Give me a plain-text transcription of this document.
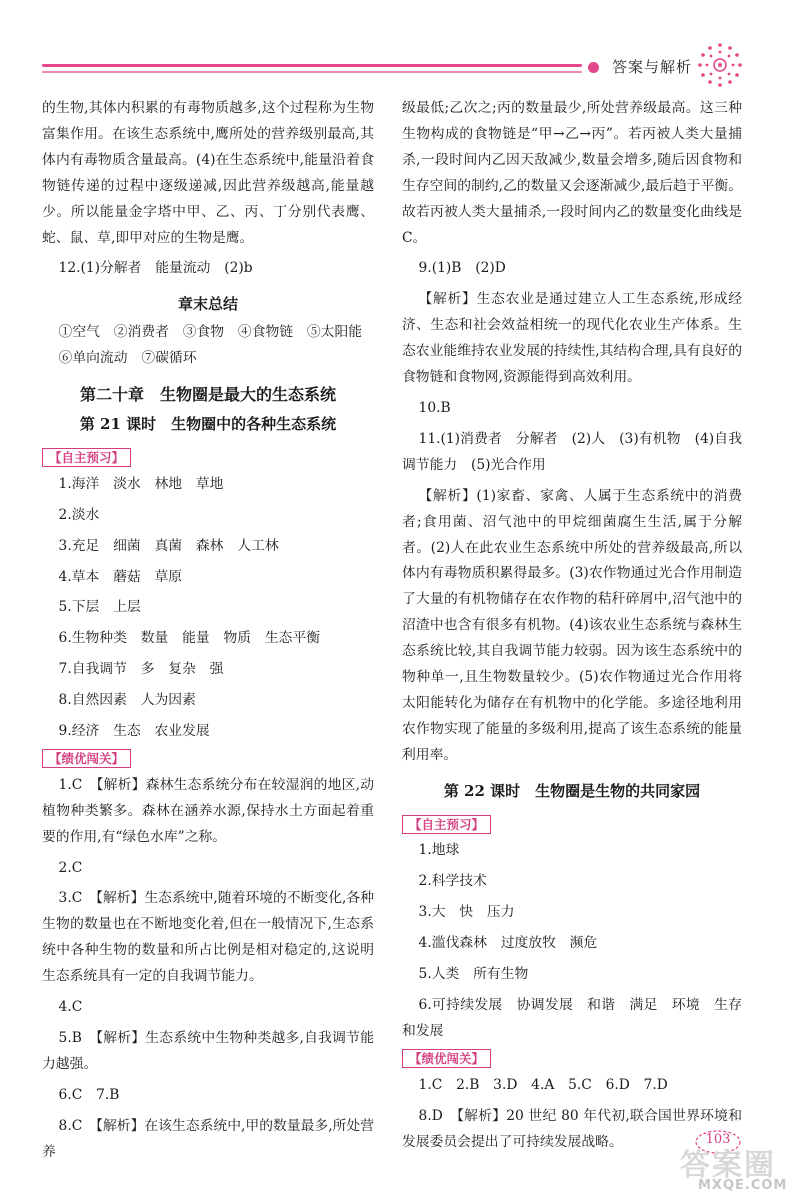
答案与解析

的生物,其体内积累的有毒物质越多,这个过程称为生物富集作用。在该生态系统中,鹰所处的营养级别最高,其体内有毒物质含量最高。(4)在生态系统中,能量沿着食物链传递的过程中逐级递减,因此营养级越高,能量越少。所以能量金字塔中甲、乙、丙、丁分别代表鹰、蛇、鼠、草,即甲对应的生物是鹰。

12.(1)分解者　能量流动　(2)b

章末总结

①空气　②消费者　③食物　④食物链　⑤太阳能

⑥单向流动　⑦碳循环

第二十章　生物圈是最大的生态系统
第 21 课时　生物圈中的各种生态系统
【自主预习】

1.海洋　淡水　林地　草地

2.淡水

3.充足　细菌　真菌　森林　人工林

4.草本　蘑菇　草原

5.下层　上层

6.生物种类　数量　能量　物质　生态平衡

7.自我调节　多　复杂　强

8.自然因素　人为因素

9.经济　生态　农业发展

【绩优闯关】

1.C　【解析】森林生态系统分布在较湿润的地区,动植物种类繁多。森林在涵养水源,保持水土方面起着重要的作用,有“绿色水库”之称。

2.C

3.C　【解析】生态系统中,随着环境的不断变化,各种生物的数量也在不断地变化着,但在一般情况下,生态系统中各种生物的数量和所占比例是相对稳定的,这说明生态系统具有一定的自我调节能力。

4.C

5.B　【解析】生态系统中生物种类越多,自我调节能力越强。

6.C　7.B

8.C　【解析】在该生态系统中,甲的数量最多,所处营养

级最低;乙次之;丙的数量最少,所处营养级最高。这三种生物构成的食物链是“甲→乙→丙”。若丙被人类大量捕杀,一段时间内乙因天敌减少,数量会增多,随后因食物和生存空间的制约,乙的数量又会逐渐减少,最后趋于平衡。故若丙被人类大量捕杀,一段时间内乙的数量变化曲线是 C。

9.(1)B　(2)D

【解析】生态农业是通过建立人工生态系统,形成经济、生态和社会效益相统一的现代化农业生产体系。生态农业能维持农业发展的持续性,其结构合理,具有良好的食物链和食物网,资源能得到高效利用。

10.B

11.(1)消费者　分解者　(2)人　(3)有机物　(4)自我调节能力　(5)光合作用

【解析】(1)家畜、家禽、人属于生态系统中的消费者;食用菌、沼气池中的甲烷细菌腐生生活,属于分解者。(2)人在此农业生态系统中所处的营养级最高,所以体内有毒物质积累得最多。(3)农作物通过光合作用制造了大量的有机物储存在农作物的秸秆碎屑中,沼气池中的沼渣中也含有很多有机物。(4)该农业生态系统与森林生态系统比较,其自我调节能力较弱。因为该生态系统中的物种单一,且生物数量较少。(5)农作物通过光合作用将太阳能转化为储存在有机物中的化学能。多途径地利用农作物实现了能量的多级利用,提高了该生态系统的能量利用率。

第 22 课时　生物圈是生物的共同家园
【自主预习】

1.地球

2.科学技术

3.大　快　压力

4.滥伐森林　过度放牧　濒危

5.人类　所有生物

6.可持续发展　协调发展　和谐　满足　环境　生存和发展

【绩优闯关】

1.C　2.B　3.D　4.A　5.C　6.D　7.D

8.D　【解析】20 世纪 80 年代初,联合国世界环境和发展委员会提出了可持续发展战略。	103
答案圈
MXQE.COM
